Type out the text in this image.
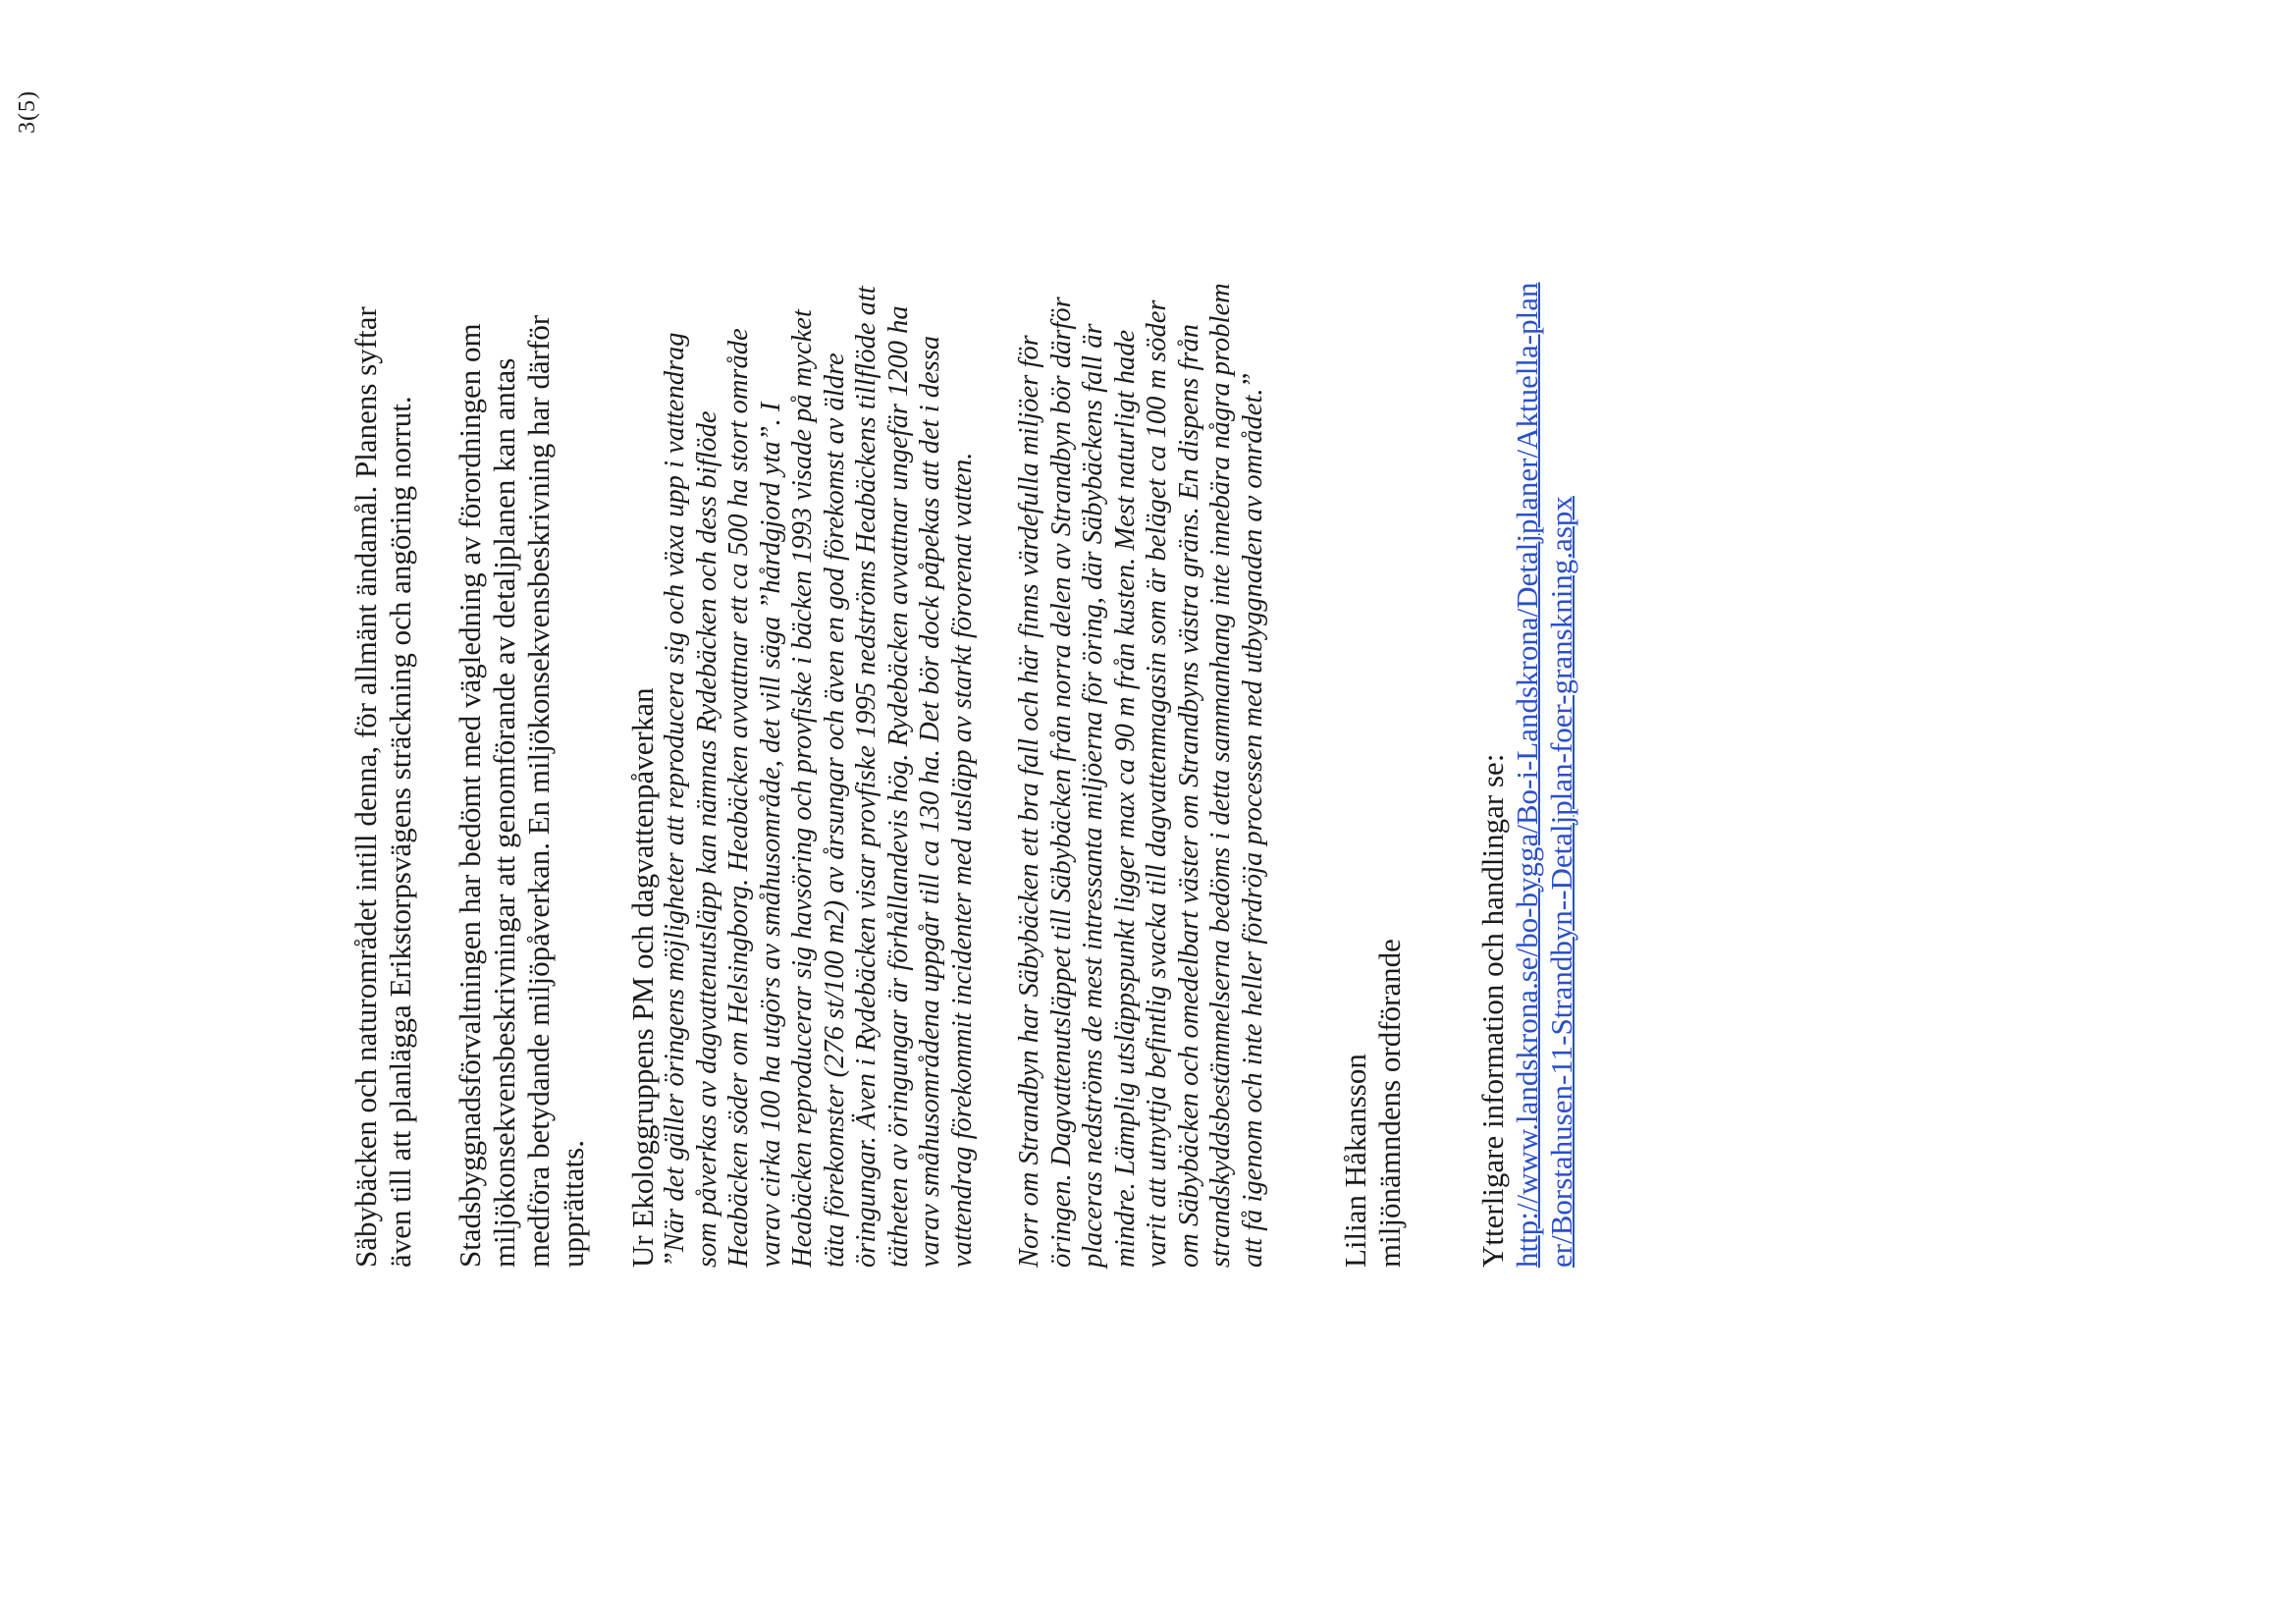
3(5)

Säbybäcken och naturområdet intill denna, för allmänt ändamål. Planens syftar även till att planlägga Erikstorpsvägens sträckning och angöring norrut. Stadsbyggnadsförvaltningen har bedömt med vägledning av förordningen om miljökonsekvensbeskrivningar att genomförande av detaljplanen kan antas medföra betydande miljöpåverkan. En miljökonsekvensbeskrivning har därför upprättats. Ur Ekologgruppens PM och dagvattenpåverkan ”När det gäller öringens möjligheter att reproducera sig och växa upp i vattendrag som påverkas av dagvattenutsläpp kan nämnas Rydebäcken och dess biflöde Heabäcken söder om Helsingborg. Heabäcken avvattnar ett ca 500 ha stort område varav cirka 100 ha utgörs av småhusområde, det vill säga ”hårdgjord yta”. I Heabäcken reproducerar sig havsöring och provfiske i bäcken 1993 visade på mycket täta förekomster (276 st/100 m2) av årsungar och även en god förekomst av äldre öringungar. Även i Rydebäcken visar provfiske 1995 nedströms Heabäckens tillflöde att tätheten av öringungar är förhållandevis hög. Rydebäcken avvattnar ungefär 1200 ha varav småhusområdena uppgår till ca 130 ha. Det bör dock påpekas att det i dessa vattendrag förekommit incidenter med utsläpp av starkt förorenat vatten. Norr om Strandbyn har Säbybäcken ett bra fall och här finns värdefulla miljöer för öringen. Dagvattenutsläppet till Säbybäcken från norra delen av Strandbyn bör därför placeras nedströms de mest intressanta miljöerna för öring, där Säbybäckens fall är mindre. Lämplig utsläppspunkt ligger max ca 90 m från kusten. Mest naturligt hade varit att utnyttja befintlig svacka till dagvattenmagasin som är beläget ca 100 m söder om Säbybäcken och omedelbart väster om Strandbyns västra gräns. En dispens från strandskyddsbestämmelserna bedöms i detta sammanhang inte innebära några problem att få igenom och inte heller fördröja processen med utbyggnaden av området.” Lilian Håkansson miljönämndens ordförande Ytterligare information och handlingar se: http://www.landskrona.se/bo-bygga/Bo-i-Landskrona/Detaljplaner/Aktuella-planer/Borstahusen-11-Strandbyn--Detaljplan-foer-granskning.aspx
